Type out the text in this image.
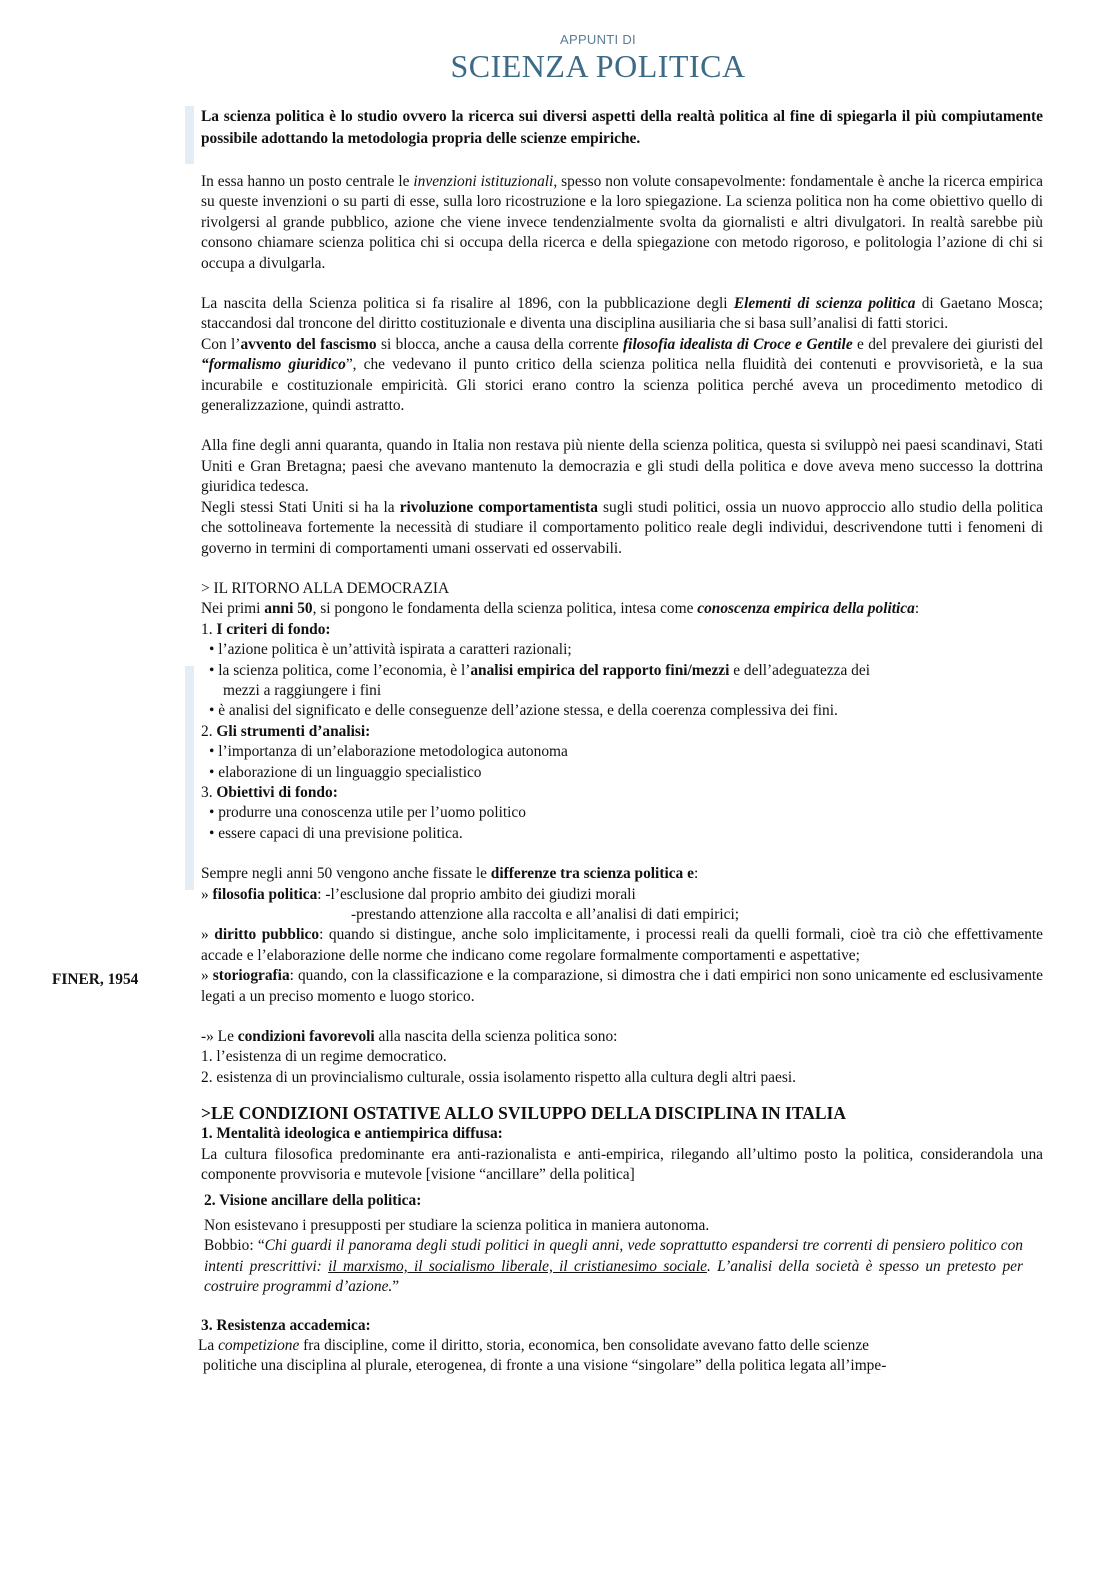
APPUNTI DI
SCIENZA POLITICA
FINER, 1954

La scienza politica è lo studio ovvero la ricerca sui diversi aspetti della realtà politica al fine di spiegarla il più compiutamente possibile adottando la metodologia propria delle scienze empiriche.

In essa hanno un posto centrale le invenzioni istituzionali, spesso non volute consapevolmente: fondamentale è anche la ricerca empirica su queste invenzioni o su parti di esse, sulla loro ricostruzione e la loro spiegazione. La scienza politica non ha come obiettivo quello di rivolgersi al grande pubblico, azione che viene invece tendenzialmente svolta da giornalisti e altri divulgatori. In realtà sarebbe più consono chiamare scienza politica chi si occupa della ricerca e della spiegazione con metodo rigoroso, e politologia l’azione di chi si occupa a divulgarla.

La nascita della Scienza politica si fa risalire al 1896, con la pubblicazione degli Elementi di scienza politica di Gaetano Mosca; staccandosi dal troncone del diritto costituzionale e diventa una disciplina ausiliaria che si basa sull’analisi di fatti storici.

Con l’avvento del fascismo si blocca, anche a causa della corrente filosofia idealista di Croce e Gentile e del prevalere dei giuristi del “formalismo giuridico”, che vedevano il punto critico della scienza politica nella fluidità dei contenuti e provvisorietà, e la sua incurabile e costituzionale empiricità. Gli storici erano contro la scienza politica perché aveva un procedimento metodico di generalizzazione, quindi astratto.

Alla fine degli anni quaranta, quando in Italia non restava più niente della scienza politica, questa si sviluppò nei paesi scandinavi, Stati Uniti e Gran Bretagna; paesi che avevano mantenuto la democrazia e gli studi della politica e dove aveva meno successo la dottrina giuridica tedesca.

Negli stessi Stati Uniti si ha la rivoluzione comportamentista sugli studi politici, ossia un nuovo approccio allo studio della politica che sottolineava fortemente la necessità di studiare il comportamento politico reale degli individui, descrivendone tutti i fenomeni di governo in termini di comportamenti umani osservati ed osservabili.

> IL RITORNO ALLA DEMOCRAZIA

Nei primi anni 50, si pongono le fondamenta della scienza politica, intesa come conoscenza empirica della politica:

1. I criteri di fondo:

• l’azione politica è un’attività ispirata a caratteri razionali;

• la scienza politica, come l’economia, è l’analisi empirica del rapporto fini/mezzi e dell’adeguatezza dei

mezzi a raggiungere i fini

• è analisi del significato e delle conseguenze dell’azione stessa, e della coerenza complessiva dei fini.

2. Gli strumenti d’analisi:

• l’importanza di un’elaborazione metodologica autonoma

• elaborazione di un linguaggio specialistico

3. Obiettivi di fondo:

• produrre una conoscenza utile per l’uomo politico

• essere capaci di una previsione politica.

Sempre negli anni 50 vengono anche fissate le differenze tra scienza politica e:

» filosofia politica: -l’esclusione dal proprio ambito dei giudizi morali

-prestando attenzione alla raccolta e all’analisi di dati empirici;

» diritto pubblico: quando si distingue, anche solo implicitamente, i processi reali da quelli formali, cioè tra ciò che effettivamente accade e l’elaborazione delle norme che indicano come regolare formalmente comportamenti e aspettative;

» storiografia: quando, con la classificazione e la comparazione, si dimostra che i dati empirici non sono unicamente ed esclusivamente legati a un preciso momento e luogo storico.

-» Le condizioni favorevoli alla nascita della scienza politica sono:

1. l’esistenza di un regime democratico.

2. esistenza di un provincialismo culturale, ossia isolamento rispetto alla cultura degli altri paesi.

>LE CONDIZIONI OSTATIVE ALLO SVILUPPO DELLA DISCIPLINA IN ITALIA

1. Mentalità ideologica e antiempirica diffusa:

La cultura filosofica predominante era anti-razionalista e anti-empirica, rilegando all’ultimo posto la politica, considerandola una componente provvisoria e mutevole [visione “ancillare” della politica]

2. Visione ancillare della politica:

Non esistevano i presupposti per studiare la scienza politica in maniera autonoma.

Bobbio: “Chi guardi il panorama degli studi politici in quegli anni, vede soprattutto espandersi tre correnti di pensiero politico con intenti prescrittivi: il marxismo, il socialismo liberale, il cristianesimo sociale. L’analisi della società è spesso un pretesto per costruire programmi d’azione.”

3. Resistenza accademica:

La competizione fra discipline, come il diritto, storia, economica, ben consolidate avevano fatto delle scienze

politiche una disciplina al plurale, eterogenea, di fronte a una visione “singolare” della politica legata all’impe-
